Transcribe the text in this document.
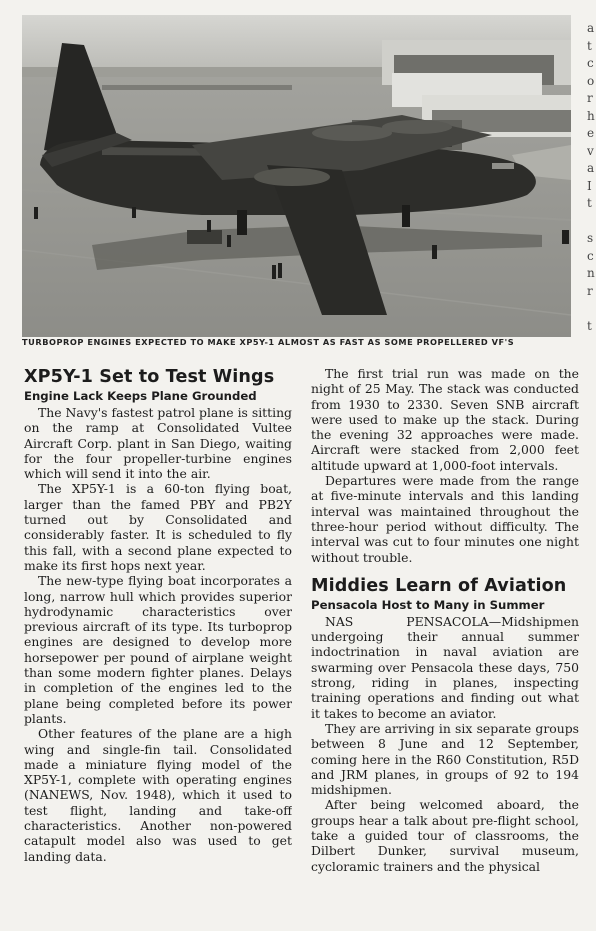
TURBOPROP ENGINES EXPECTED TO MAKE XP5Y-1 ALMOST AS FAST AS SOME PROPELLERED VF'S
a
t
c
o
r
h
e
v
a
I
t
s
c
n
r
t
XP5Y-1 Set to Test Wings
Engine Lack Keeps Plane Grounded

The Navy's fastest patrol plane is sitting on the ramp at Consolidated Vultee Aircraft Corp. plant in San Diego, waiting for the four propeller-turbine engines which will send it into the air.

The XP5Y-1 is a 60-ton flying boat, larger than the famed PBY and PB2Y turned out by Consolidated and considerably faster. It is scheduled to fly this fall, with a second plane expected to make its first hops next year.

The new-type flying boat incorporates a long, narrow hull which provides superior hydrodynamic characteristics over previous aircraft of its type. Its turboprop engines are designed to develop more horsepower per pound of airplane weight than some modern fighter planes. Delays in completion of the engines led to the plane being completed before its power plants.

Other features of the plane are a high wing and single-fin tail. Consolidated made a miniature flying model of the XP5Y-1, complete with operating engines (NANEWS, Nov. 1948), which it used to test flight, landing and take-off characteristics. Another non-powered catapult model also was used to get landing data.

The first trial run was made on the night of 25 May. The stack was conducted from 1930 to 2330. Seven SNB aircraft were used to make up the stack. During the evening 32 approaches were made. Aircraft were stacked from 2,000 feet altitude upward at 1,000-foot intervals.

Departures were made from the range at five-minute intervals and this landing interval was maintained throughout the three-hour period without difficulty. The interval was cut to four minutes one night without trouble.

Middies Learn of Aviation
Pensacola Host to Many in Summer

NAS PENSACOLA—Midshipmen undergoing their annual summer indoctrination in naval aviation are swarming over Pensacola these days, 750 strong, riding in planes, inspecting training operations and finding out what it takes to become an aviator.

They are arriving in six separate groups between 8 June and 12 September, coming here in the R60 Constitution, R5D and JRM planes, in groups of 92 to 194 midshipmen.

After being welcomed aboard, the groups hear a talk about pre-flight school, take a guided tour of classrooms, the Dilbert Dunker, survival museum, cycloramic trainers and the physical
